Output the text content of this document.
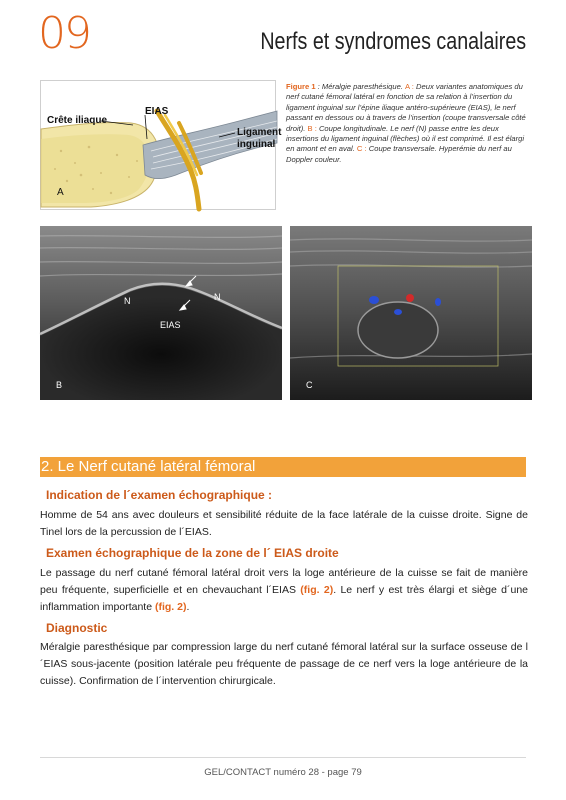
09	Nerfs et syndromes canalaires
Crête iliaque
EIAS
Ligament
inguinal
A
Figure 1 : Méralgie paresthésique. A : Deux variantes anatomiques du nerf cutané fémoral latéral en fonction de sa relation à l’insertion du ligament inguinal sur l’épine iliaque antéro-supérieure (EIAS), le nerf passant en dessous ou à travers de l’insertion (coupe transversale côté droit). B : Coupe longitudinale. Le nerf (N) passe entre les deux insertions du ligament inguinal (flèches) où il est comprimé. Il est élargi en amont et en aval. C : Coupe transversale. Hyperémie du nerf au Doppler couleur.
N	N
EIAS
B	C
2. Le Nerf cutané latéral fémoral
Indication de l´examen échographique :
Homme de 54 ans avec douleurs et sensibilité réduite de la face latérale de la cuisse droite. Signe de Tinel lors de la percussion de l´EIAS.
Examen échographique de la zone de l´ EIAS droite
Le passage du nerf cutané fémoral latéral droit vers la loge antérieure de la cuisse se fait de manière peu fréquente, superficielle et en chevauchant l´EIAS (fig. 2). Le nerf y est très élargi et siège d´une inflammation importante (fig. 2).
Diagnostic
Méralgie paresthésique par compression large du nerf cutané fémoral latéral sur la surface osseuse de l´EIAS sous-jacente (position latérale peu fréquente de passage de ce nerf vers la loge antérieure de la cuisse). Confirmation de l´intervention chirurgicale.
GEL/CONTACT numéro 28 - page 79
